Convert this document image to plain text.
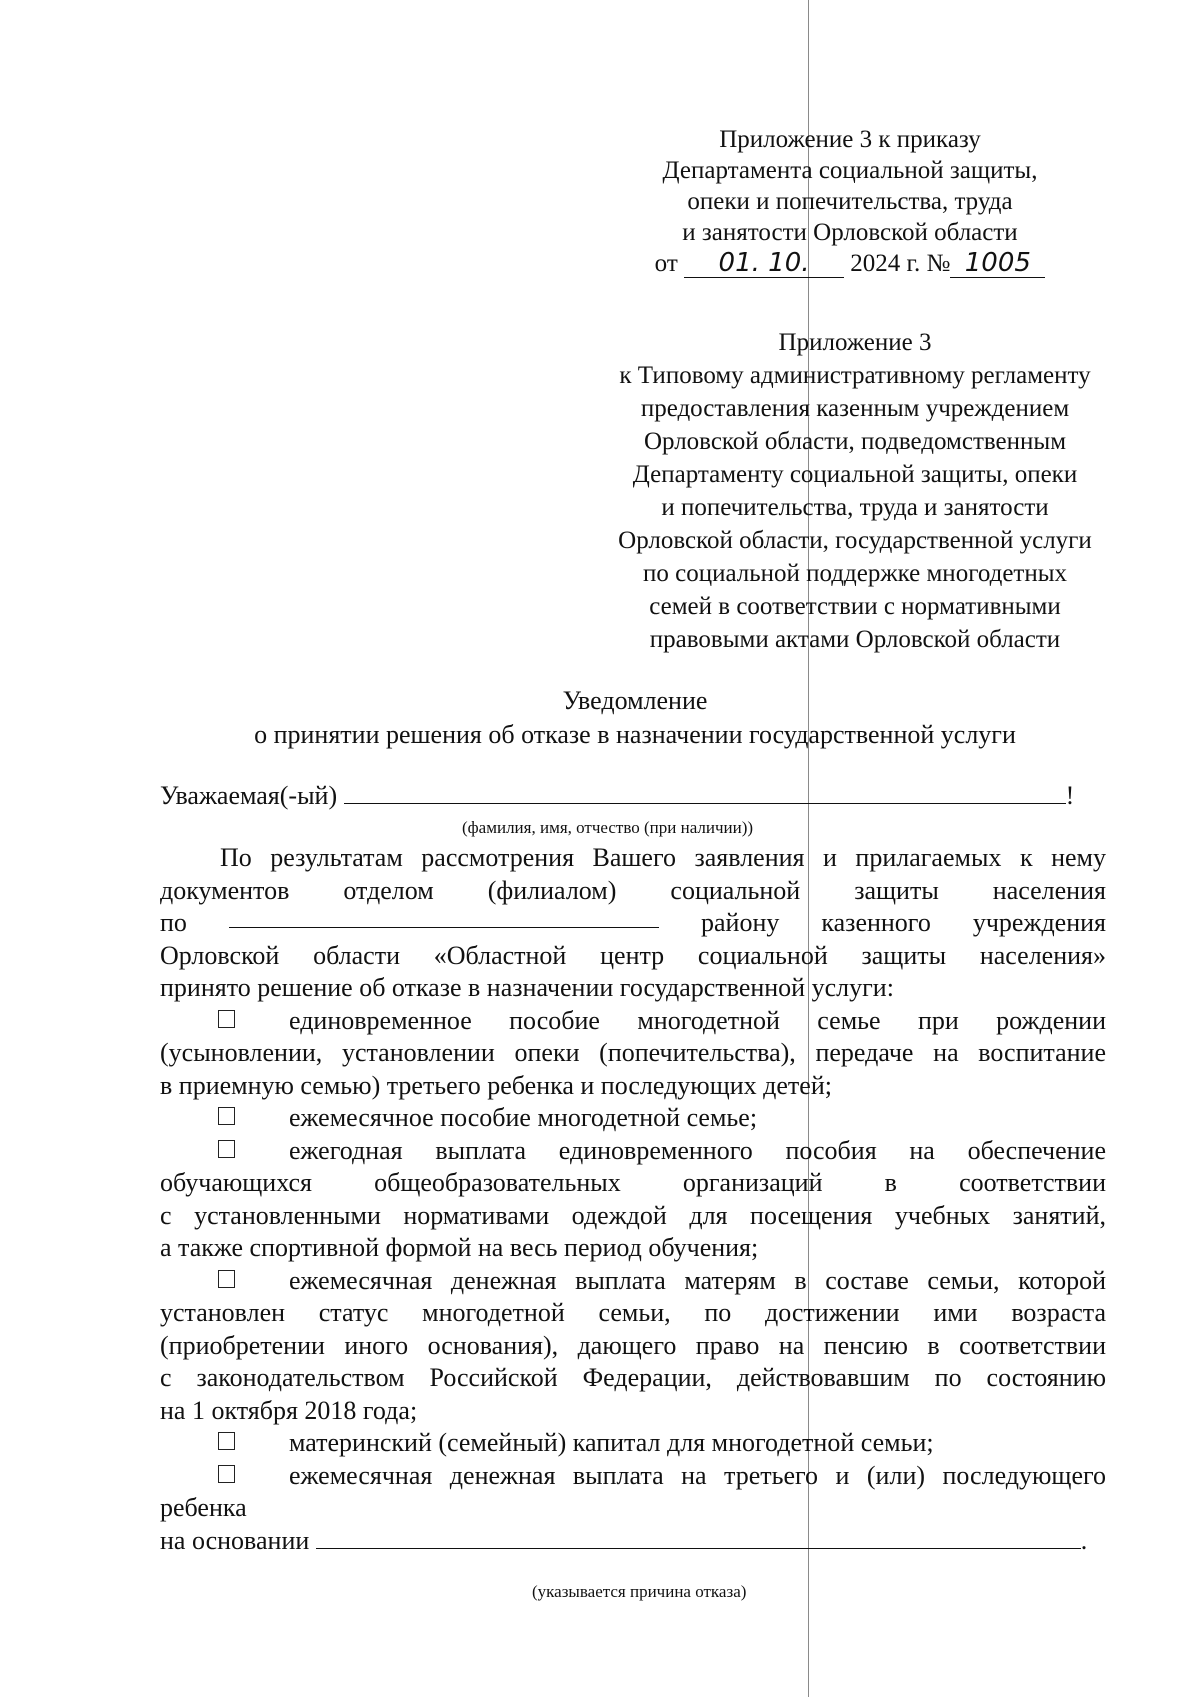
Приложение 3 к приказу
Департамента социальной защиты,
опеки и попечительства, труда
и занятости Орловской области
от 01. 10. 2024 г. № 1005
Приложение 3
к Типовому административному регламенту
предоставления казенным учреждением
Орловской области, подведомственным
Департаменту социальной защиты, опеки
и попечительства, труда и занятости
Орловской области, государственной услуги
по социальной поддержке многодетных
семей в соответствии с нормативными
правовыми актами Орловской области
Уведомление
о принятии решения об отказе в назначении государственной услуги
Уважаемая(-ый)	!
(фамилия, имя, отчество (при наличии))
По результатам рассмотрения Вашего заявления и прилагаемых к нему
документов отделом (филиалом) социальной защиты населения
по	району казенного учреждения
Орловской области «Областной центр социальной защиты населения»
принято решение об отказе в назначении государственной услуги:
единовременное пособие многодетной семье при рождении
(усыновлении, установлении опеки (попечительства), передаче на воспитание
в приемную семью) третьего ребенка и последующих детей;
ежемесячное пособие многодетной семье;
ежегодная выплата единовременного пособия на обеспечение
обучающихся общеобразовательных организаций в соответствии
с установленными нормативами одеждой для посещения учебных занятий,
а также спортивной формой на весь период обучения;
ежемесячная денежная выплата матерям в составе семьи, которой
установлен статус многодетной семьи, по достижении ими возраста
(приобретении иного основания), дающего право на пенсию в соответствии
с законодательством Российской Федерации, действовавшим по состоянию
на 1 октября 2018 года;
материнский (семейный) капитал для многодетной семьи;
ежемесячная денежная выплата на третьего и (или) последующего
ребенка
на основании	.
(указывается причина отказа)
